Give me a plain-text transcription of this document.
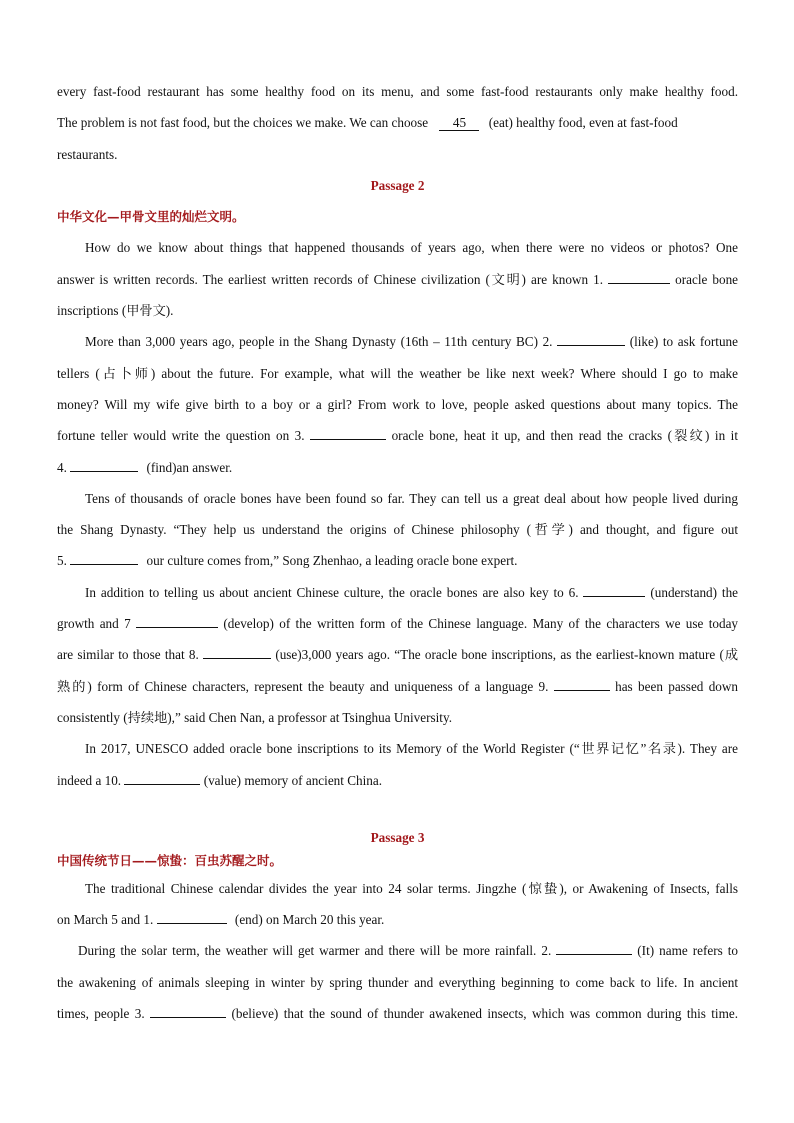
every fast-food restaurant has some healthy food on its menu, and some fast-food restaurants only make healthy food.
The problem is not fast food, but the choices we make. We can choose 45 (eat) healthy food, even at fast-food
restaurants.
Passage 2
中华文化—甲骨文里的灿烂文明。
How do we know about things that happened thousands of years ago, when there were no videos or photos? One
answer is written records. The earliest written records of Chinese civilization (文明) are known 1.	oracle bone
inscriptions (甲骨文).
More than 3,000 years ago, people in the Shang Dynasty (16th – 11th century BC) 2.	(like) to ask fortune
tellers (占卜师) about the future. For example, what will the weather be like next week? Where should I go to make
money? Will my wife give birth to a boy or a girl? From work to love, people asked questions about many topics. The
fortune teller would write the question on 3.	oracle bone, heat it up, and then read the cracks (裂纹) in it
4.	(find)an answer.
Tens of thousands of oracle bones have been found so far. They can tell us a great deal about how people lived during
the Shang Dynasty. “They help us understand the origins of Chinese philosophy (哲学) and thought, and figure out
5.	our culture comes from,” Song Zhenhao, a leading oracle bone expert.
In addition to telling us about ancient Chinese culture, the oracle bones are also key to 6.	(understand) the
growth and 7	(develop) of the written form of the Chinese language. Many of the characters we use today
are similar to those that 8.	(use)3,000 years ago. “The oracle bone inscriptions, as the earliest-known mature (成
熟的) form of Chinese characters, represent the beauty and uniqueness of a language 9.	has been passed down
consistently (持续地),” said Chen Nan, a professor at Tsinghua University.
In 2017, UNESCO added oracle bone inscriptions to its Memory of the World Register (“世界记忆”名录). They are
indeed a 10.	(value) memory of ancient China.
Passage 3
中国传统节日——惊蛰：百虫苏醒之时。
The traditional Chinese calendar divides the year into 24 solar terms. Jingzhe (惊蛰), or Awakening of Insects, falls
on March 5 and 1.	(end) on March 20 this year.
During the solar term, the weather will get warmer and there will be more rainfall. 2.	(It) name refers to
the awakening of animals sleeping in winter by spring thunder and everything beginning to come back to life. In ancient
times, people 3.	(believe) that the sound of thunder awakened insects, which was common during this time.
